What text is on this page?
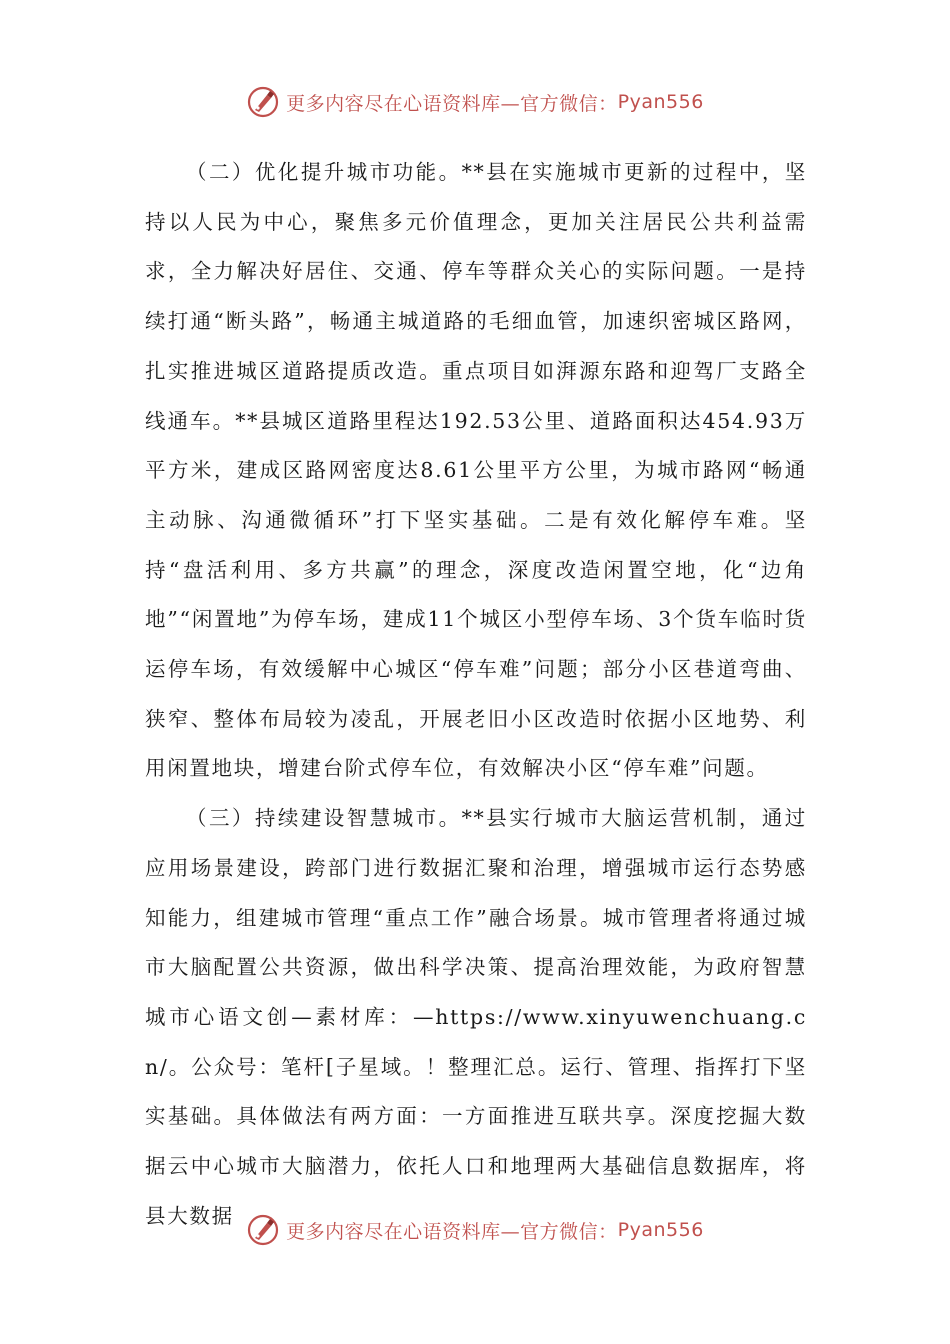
更多内容尽在心语资料库—官方微信： Pyan556

（二）优化提升城市功能。**县在实施城市更新的过程中，坚持以人民为中心，聚焦多元价值理念，更加关注居民公共利益需求，全力解决好居住、交通、停车等群众关心的实际问题。一是持续打通“断头路”，畅通主城道路的毛细血管，加速织密城区路网，扎实推进城区道路提质改造。重点项目如湃源东路和迎驾厂支路全线通车。**县城区道路里程达192.53公里、道路面积达454.93万平方米，建成区路网密度达8.61公里平方公里，为城市路网“畅通主动脉、沟通微循环”打下坚实基础。二是有效化解停车难。坚持“盘活利用、多方共赢”的理念，深度改造闲置空地，化“边角地”“闲置地”为停车场，建成11个城区小型停车场、3个货车临时货运停车场，有效缓解中心城区“停车难”问题；部分小区巷道弯曲、狭窄、整体布局较为凌乱，开展老旧小区改造时依据小区地势、利用闲置地块，增建台阶式停车位，有效解决小区“停车难”问题。

（三）持续建设智慧城市。**县实行城市大脑运营机制，通过应用场景建设，跨部门进行数据汇聚和治理，增强城市运行态势感知能力，组建城市管理“重点工作”融合场景。城市管理者将通过城市大脑配置公共资源，做出科学决策、提高治理效能，为政府智慧城市心语文创—素材库：—https://www.xinyuwenchuang.cn/。公众号：笔杆[子星域。！整理汇总。运行、管理、指挥打下坚实基础。具体做法有两方面：一方面推进互联共享。深度挖掘大数据云中心城市大脑潜力，依托人口和地理两大基础信息数据库，将县大数据

更多内容尽在心语资料库—官方微信： Pyan556
